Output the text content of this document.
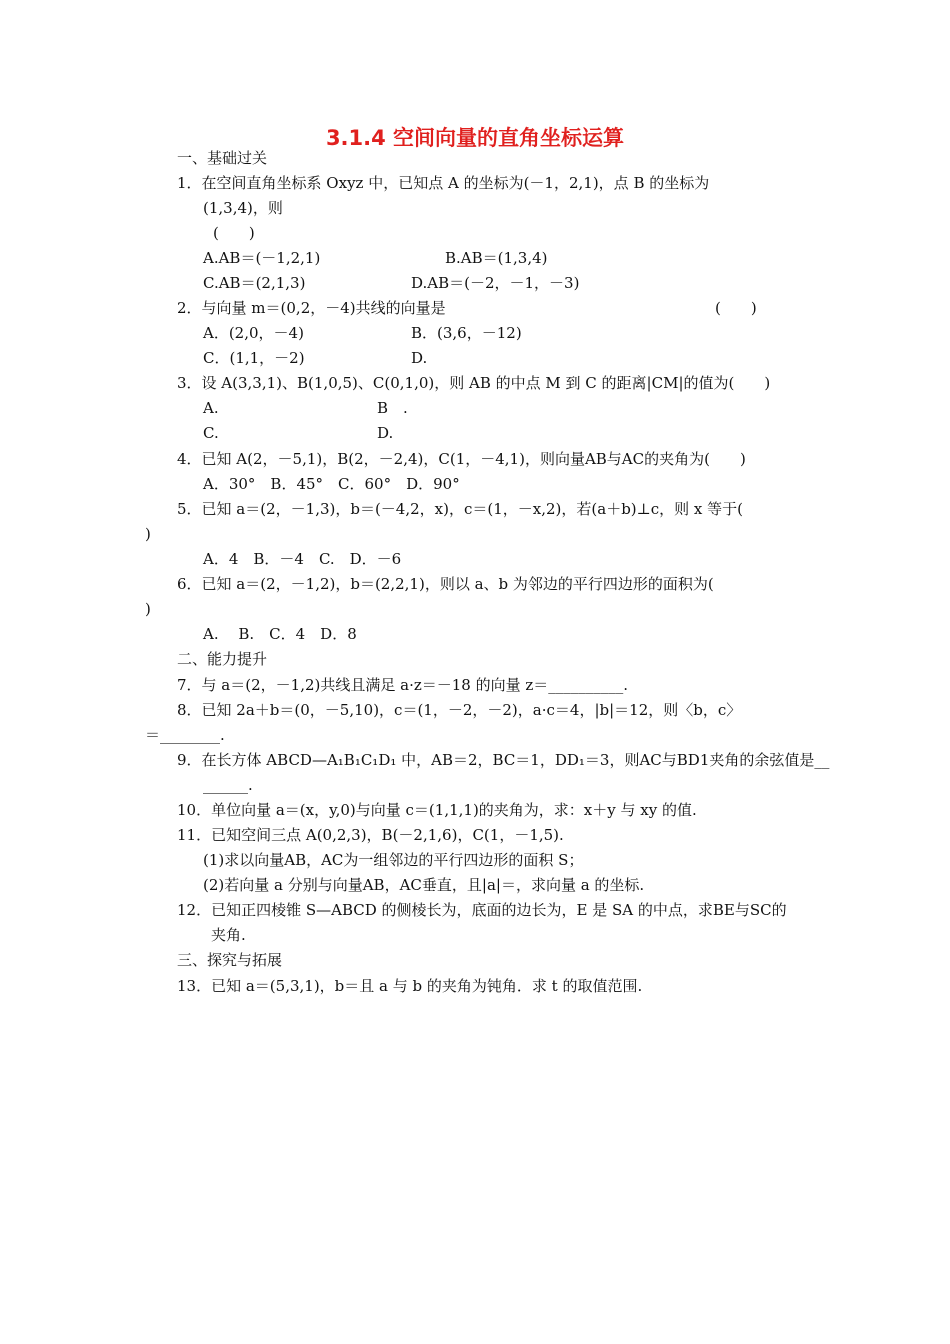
3.1.4 空间向量的直角坐标运算
一、基础过关
1．在空间直角坐标系 Oxyz 中，已知点 A 的坐标为(－1，2,1)，点 B 的坐标为
(1,3,4)，则
(　　)
A.AB＝(－1,2,1)	B.AB＝(1,3,4)
C.AB＝(2,1,3)	D.AB＝(－2，－1，－3)
2．与向量 m＝(0,2，－4)共线的向量是	(　　)
A．(2,0，－4)	B．(3,6，－12)
C．(1,1，－2)	D.
3．设 A(3,3,1)、B(1,0,5)、C(0,1,0)，则 AB 的中点 M 到 C 的距离|CM|的值为(　　)
A.	B　.
C.	D.
4．已知 A(2，－5,1)，B(2，－2,4)，C(1，－4,1)，则向量AB与AC的夹角为(　　)
A．30°　B．45°　C．60°　D．90°
5．已知 a＝(2，－1,3)，b＝(－4,2，x)，c＝(1，－x,2)，若(a＋b)⊥c，则 x 等于(
)
A．4　B．－4　C.　D．－6
6．已知 a＝(2，－1,2)，b＝(2,2,1)，则以 a、b 为邻边的平行四边形的面积为(
)
A.　 B.　C．4　D．8
二、能力提升
7．与 a＝(2，－1,2)共线且满足 a·z＝－18 的向量 z＝__________.
8．已知 2a＋b＝(0，－5,10)，c＝(1，－2，－2)，a·c＝4，|b|＝12，则〈b，c〉
＝________.
9．在长方体 ABCD—A₁B₁C₁D₁ 中，AB＝2，BC＝1，DD₁＝3，则AC与BD1夹角的余弦值是__
______.
10．单位向量 a＝(x，y,0)与向量 c＝(1,1,1)的夹角为，求：x＋y 与 xy 的值.
11．已知空间三点 A(0,2,3)，B(－2,1,6)，C(1，－1,5).
(1)求以向量AB，AC为一组邻边的平行四边形的面积 S；
(2)若向量 a 分别与向量AB，AC垂直，且|a|＝，求向量 a 的坐标.
12．已知正四棱锥 S—ABCD 的侧棱长为，底面的边长为，E 是 SA 的中点，求BE与SC的
夹角.
三、探究与拓展
13．已知 a＝(5,3,1)，b＝且 a 与 b 的夹角为钝角．求 t 的取值范围.
